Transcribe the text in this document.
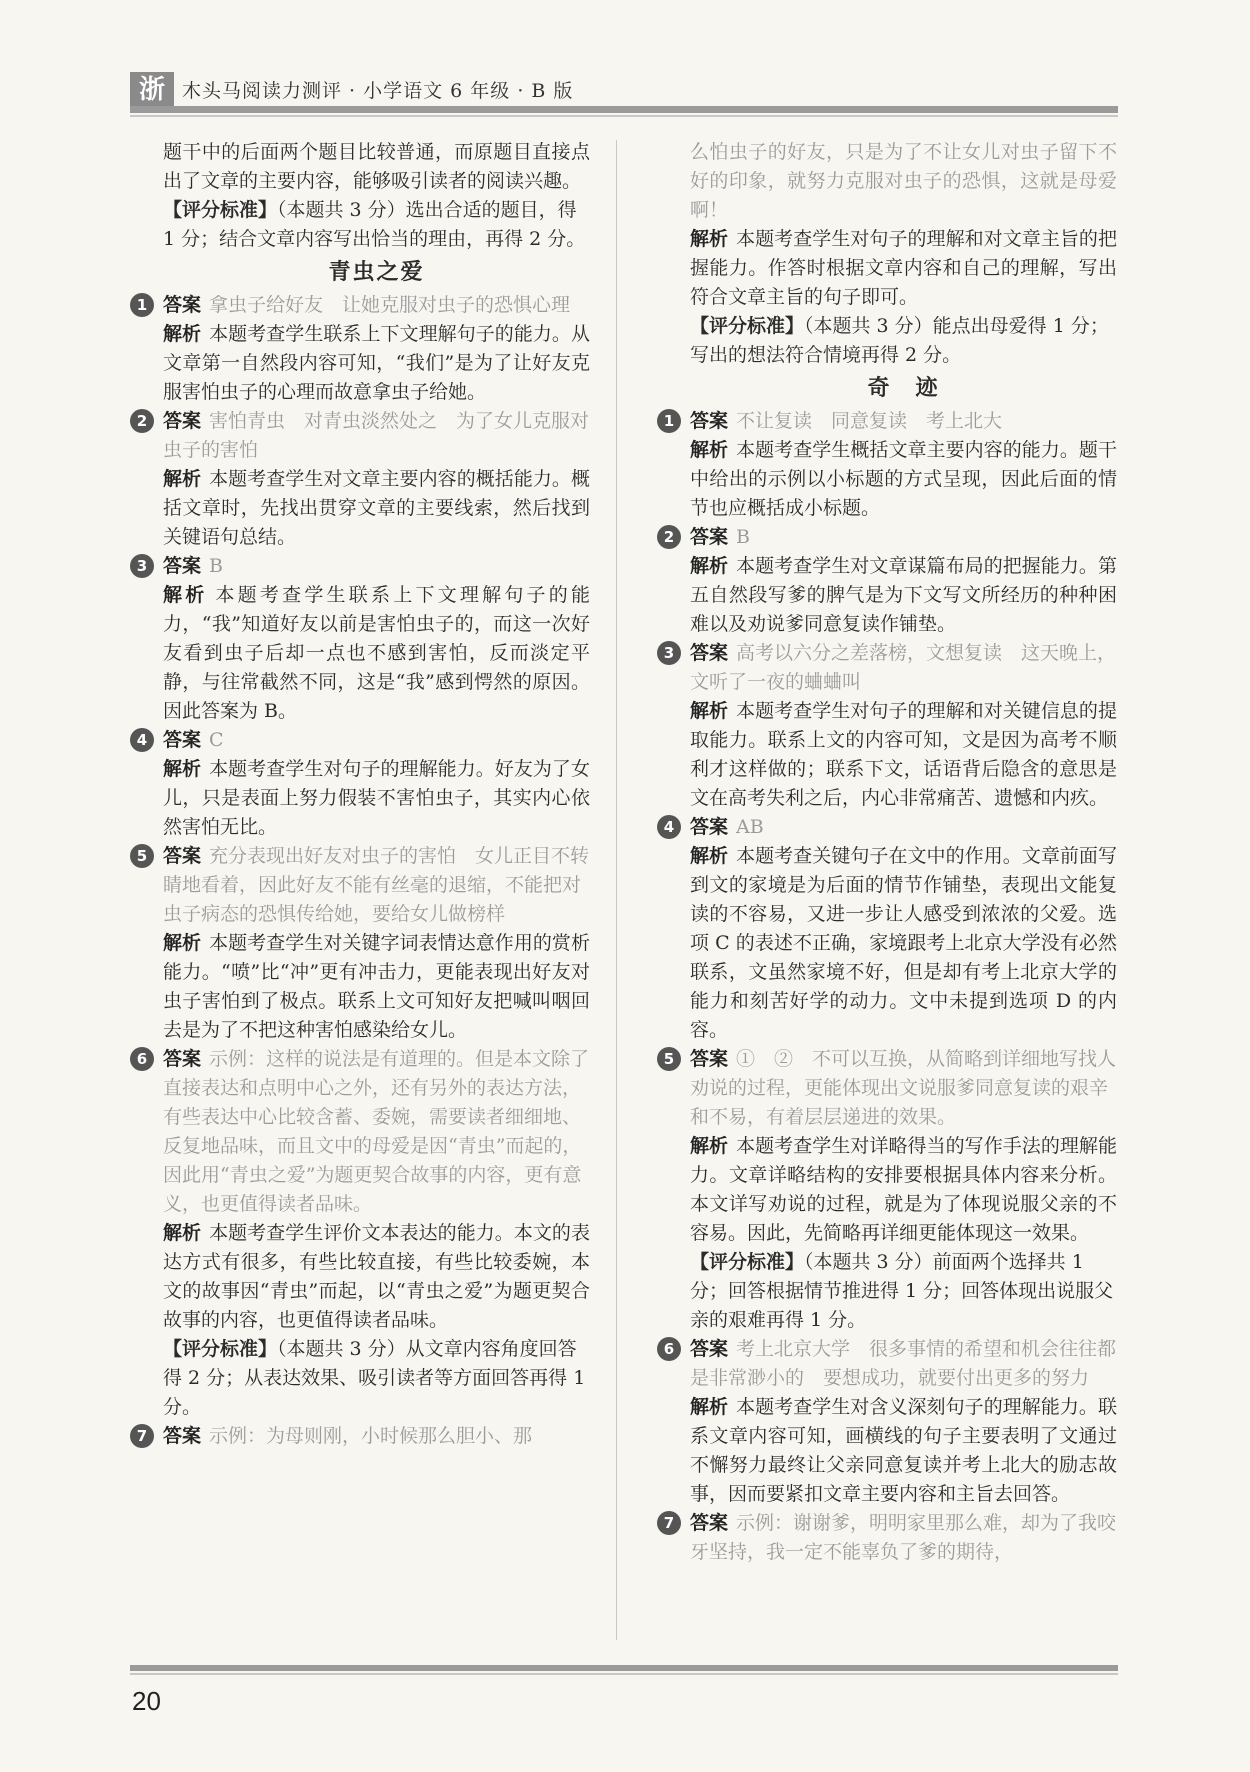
浙 木头马阅读力测评 · 小学语文 6 年级 · B 版

题干中的后面两个题目比较普通，而原题目直接点出了文章的主要内容，能够吸引读者的阅读兴趣。

【评分标准】（本题共 3 分）选出合适的题目，得 1 分；结合文章内容写出恰当的理由，再得 2 分。

青虫之爱
1 答案 拿虫子给好友　让她克服对虫子的恐惧心理

解析 本题考查学生联系上下文理解句子的能力。从文章第一自然段内容可知，“我们”是为了让好友克服害怕虫子的心理而故意拿虫子给她。

2 答案 害怕青虫　对青虫淡然处之　为了女儿克服对虫子的害怕

解析 本题考查学生对文章主要内容的概括能力。概括文章时，先找出贯穿文章的主要线索，然后找到关键语句总结。

3 答案 B

解析 本题考查学生联系上下文理解句子的能力，“我”知道好友以前是害怕虫子的，而这一次好友看到虫子后却一点也不感到害怕，反而淡定平静，与往常截然不同，这是“我”感到愕然的原因。因此答案为 B。

4 答案 C

解析 本题考查学生对句子的理解能力。好友为了女儿，只是表面上努力假装不害怕虫子，其实内心依然害怕无比。

5 答案 充分表现出好友对虫子的害怕　女儿正目不转睛地看着，因此好友不能有丝毫的退缩，不能把对虫子病态的恐惧传给她，要给女儿做榜样

解析 本题考查学生对关键字词表情达意作用的赏析能力。“喷”比“冲”更有冲击力，更能表现出好友对虫子害怕到了极点。联系上文可知好友把喊叫咽回去是为了不把这种害怕感染给女儿。

6 答案 示例：这样的说法是有道理的。但是本文除了直接表达和点明中心之外，还有另外的表达方法，有些表达中心比较含蓄、委婉，需要读者细细地、反复地品味，而且文中的母爱是因“青虫”而起的，因此用“青虫之爱”为题更契合故事的内容，更有意义，也更值得读者品味。

解析 本题考查学生评价文本表达的能力。本文的表达方式有很多，有些比较直接，有些比较委婉，本文的故事因“青虫”而起，以“青虫之爱”为题更契合故事的内容，也更值得读者品味。

【评分标准】（本题共 3 分）从文章内容角度回答得 2 分；从表达效果、吸引读者等方面回答再得 1 分。

7 答案 示例：为母则刚，小时候那么胆小、那

么怕虫子的好友，只是为了不让女儿对虫子留下不好的印象，就努力克服对虫子的恐惧，这就是母爱啊！

解析 本题考查学生对句子的理解和对文章主旨的把握能力。作答时根据文章内容和自己的理解，写出符合文章主旨的句子即可。

【评分标准】（本题共 3 分）能点出母爱得 1 分；写出的想法符合情境再得 2 分。

奇　迹
1 答案 不让复读　同意复读　考上北大

解析 本题考查学生概括文章主要内容的能力。题干中给出的示例以小标题的方式呈现，因此后面的情节也应概括成小标题。

2 答案 B

解析 本题考查学生对文章谋篇布局的把握能力。第五自然段写爹的脾气是为下文写文所经历的种种困难以及劝说爹同意复读作铺垫。

3 答案 高考以六分之差落榜，文想复读　这天晚上，文听了一夜的蛐蛐叫

解析 本题考查学生对句子的理解和对关键信息的提取能力。联系上文的内容可知，文是因为高考不顺利才这样做的；联系下文，话语背后隐含的意思是文在高考失利之后，内心非常痛苦、遗憾和内疚。

4 答案 AB

解析 本题考查关键句子在文中的作用。文章前面写到文的家境是为后面的情节作铺垫，表现出文能复读的不容易，又进一步让人感受到浓浓的父爱。选项 C 的表述不正确，家境跟考上北京大学没有必然联系，文虽然家境不好，但是却有考上北京大学的能力和刻苦好学的动力。文中未提到选项 D 的内容。

5 答案 ①　②　不可以互换，从简略到详细地写找人劝说的过程，更能体现出文说服爹同意复读的艰辛和不易，有着层层递进的效果。

解析 本题考查学生对详略得当的写作手法的理解能力。文章详略结构的安排要根据具体内容来分析。本文详写劝说的过程，就是为了体现说服父亲的不容易。因此，先简略再详细更能体现这一效果。

【评分标准】（本题共 3 分）前面两个选择共 1 分；回答根据情节推进得 1 分；回答体现出说服父亲的艰难再得 1 分。

6 答案 考上北京大学　很多事情的希望和机会往往都是非常渺小的　要想成功，就要付出更多的努力

解析 本题考查学生对含义深刻句子的理解能力。联系文章内容可知，画横线的句子主要表明了文通过不懈努力最终让父亲同意复读并考上北大的励志故事，因而要紧扣文章主要内容和主旨去回答。

7 答案 示例：谢谢爹，明明家里那么难，却为了我咬牙坚持，我一定不能辜负了爹的期待，
20
